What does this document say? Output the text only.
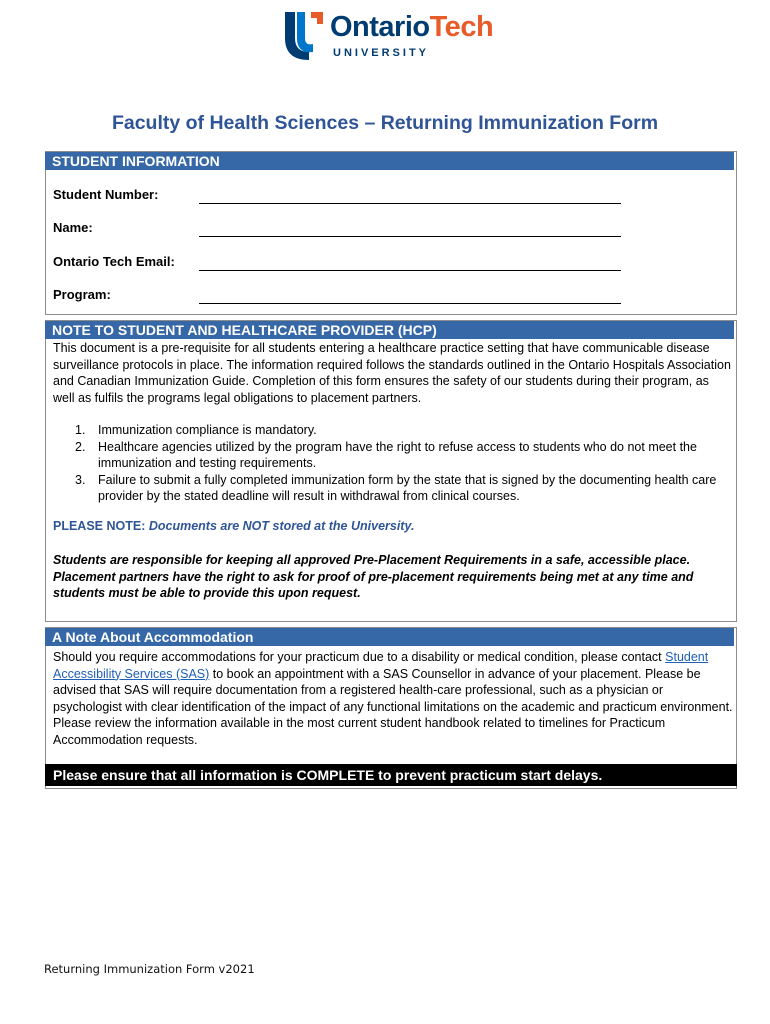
OntarioTech
UNIVERSITY
Faculty of Health Sciences – Returning Immunization Form
STUDENT INFORMATION
Student Number:
Name:
Ontario Tech Email:
Program:
NOTE TO STUDENT AND HEALTHCARE PROVIDER (HCP)
This document is a pre-requisite for all students entering a healthcare practice setting that have communicable disease surveillance protocols in place. The information required follows the standards outlined in the Ontario Hospitals Association and Canadian Immunization Guide. Completion of this form ensures the safety of our students during their program, as well as fulfils the programs legal obligations to placement partners.
1. Immunization compliance is mandatory.
2. Healthcare agencies utilized by the program have the right to refuse access to students who do not meet the immunization and testing requirements.
3. Failure to submit a fully completed immunization form by the state that is signed by the documenting health care provider by the stated deadline will result in withdrawal from clinical courses.
PLEASE NOTE: Documents are NOT stored at the University.
Students are responsible for keeping all approved Pre-Placement Requirements in a safe, accessible place. Placement partners have the right to ask for proof of pre-placement requirements being met at any time and students must be able to provide this upon request.
A Note About Accommodation
Should you require accommodations for your practicum due to a disability or medical condition, please contact Student Accessibility Services (SAS) to book an appointment with a SAS Counsellor in advance of your placement. Please be advised that SAS will require documentation from a registered health-care professional, such as a physician or psychologist with clear identification of the impact of any functional limitations on the academic and practicum environment. Please review the information available in the most current student handbook related to timelines for Practicum Accommodation requests.
Please ensure that all information is COMPLETE to prevent practicum start delays.
Returning Immunization Form v2021
